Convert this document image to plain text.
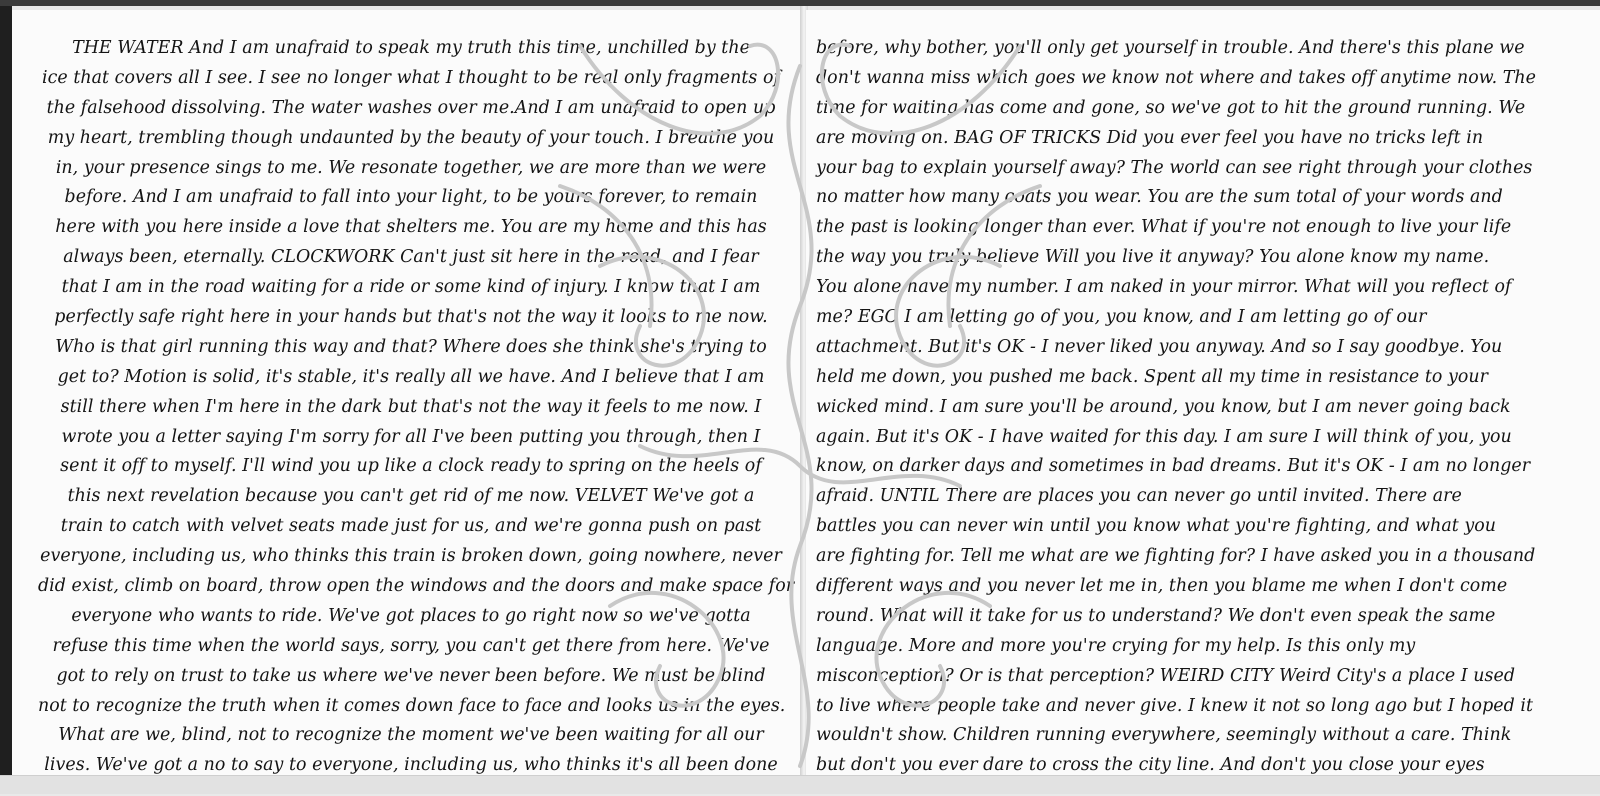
THE WATER And I am unafraid to speak my truth this time, unchilled by the
ice that covers all I see. I see no longer what I thought to be real only fragments of
the falsehood dissolving. The water washes over me.And I am unafraid to open up
my heart, trembling though undaunted by the beauty of your touch. I breathe you
in, your presence sings to me. We resonate together, we are more than we were
before. And I am unafraid to fall into your light, to be yours forever, to remain
here with you here inside a love that shelters me. You are my home and this has
always been, eternally. CLOCKWORK Can't just sit here in the road, and I fear
that I am in the road waiting for a ride or some kind of injury. I know that I am
perfectly safe right here in your hands but that's not the way it looks to me now.
Who is that girl running this way and that? Where does she think she's trying to
get to? Motion is solid, it's stable, it's really all we have. And I believe that I am
still there when I'm here in the dark but that's not the way it feels to me now. I
wrote you a letter saying I'm sorry for all I've been putting you through, then I
sent it off to myself. I'll wind you up like a clock ready to spring on the heels of
this next revelation because you can't get rid of me now. VELVET We've got a
train to catch with velvet seats made just for us, and we're gonna push on past
everyone, including us, who thinks this train is broken down, going nowhere, never
did exist, climb on board, throw open the windows and the doors and make space for
everyone who wants to ride. We've got places to go right now so we've gotta
refuse this time when the world says, sorry, you can't get there from here. We've
got to rely on trust to take us where we've never been before. We must be blind
not to recognize the truth when it comes down face to face and looks us in the eyes.
What are we, blind, not to recognize the moment we've been waiting for all our
lives. We've got a no to say to everyone, including us, who thinks it's all been done
before, why bother, you'll only get yourself in trouble. And there's this plane we
don't wanna miss which goes we know not where and takes off anytime now. The
time for waiting has come and gone, so we've got to hit the ground running. We
are moving on. BAG OF TRICKS Did you ever feel you have no tricks left in
your bag to explain yourself away? The world can see right through your clothes
no matter how many coats you wear. You are the sum total of your words and
the past is looking longer than ever. What if you're not enough to live your life
the way you truly believe Will you live it anyway? You alone know my name.
You alone have my number. I am naked in your mirror. What will you reflect of
me? EGO I am letting go of you, you know, and I am letting go of our
attachment. But it's OK - I never liked you anyway. And so I say goodbye. You
held me down, you pushed me back. Spent all my time in resistance to your
wicked mind. I am sure you'll be around, you know, but I am never going back
again. But it's OK - I have waited for this day. I am sure I will think of you, you
know, on darker days and sometimes in bad dreams. But it's OK - I am no longer
afraid. UNTIL There are places you can never go until invited. There are
battles you can never win until you know what you're fighting, and what you
are fighting for. Tell me what are we fighting for? I have asked you in a thousand
different ways and you never let me in, then you blame me when I don't come
round. What will it take for us to understand? We don't even speak the same
language. More and more you're crying for my help. Is this only my
misconception? Or is that perception? WEIRD CITY Weird City's a place I used
to live where people take and never give. I knew it not so long ago but I hoped it
wouldn't show. Children running everywhere, seemingly without a care. Think
but don't you ever dare to cross the city line. And don't you close your eyes
